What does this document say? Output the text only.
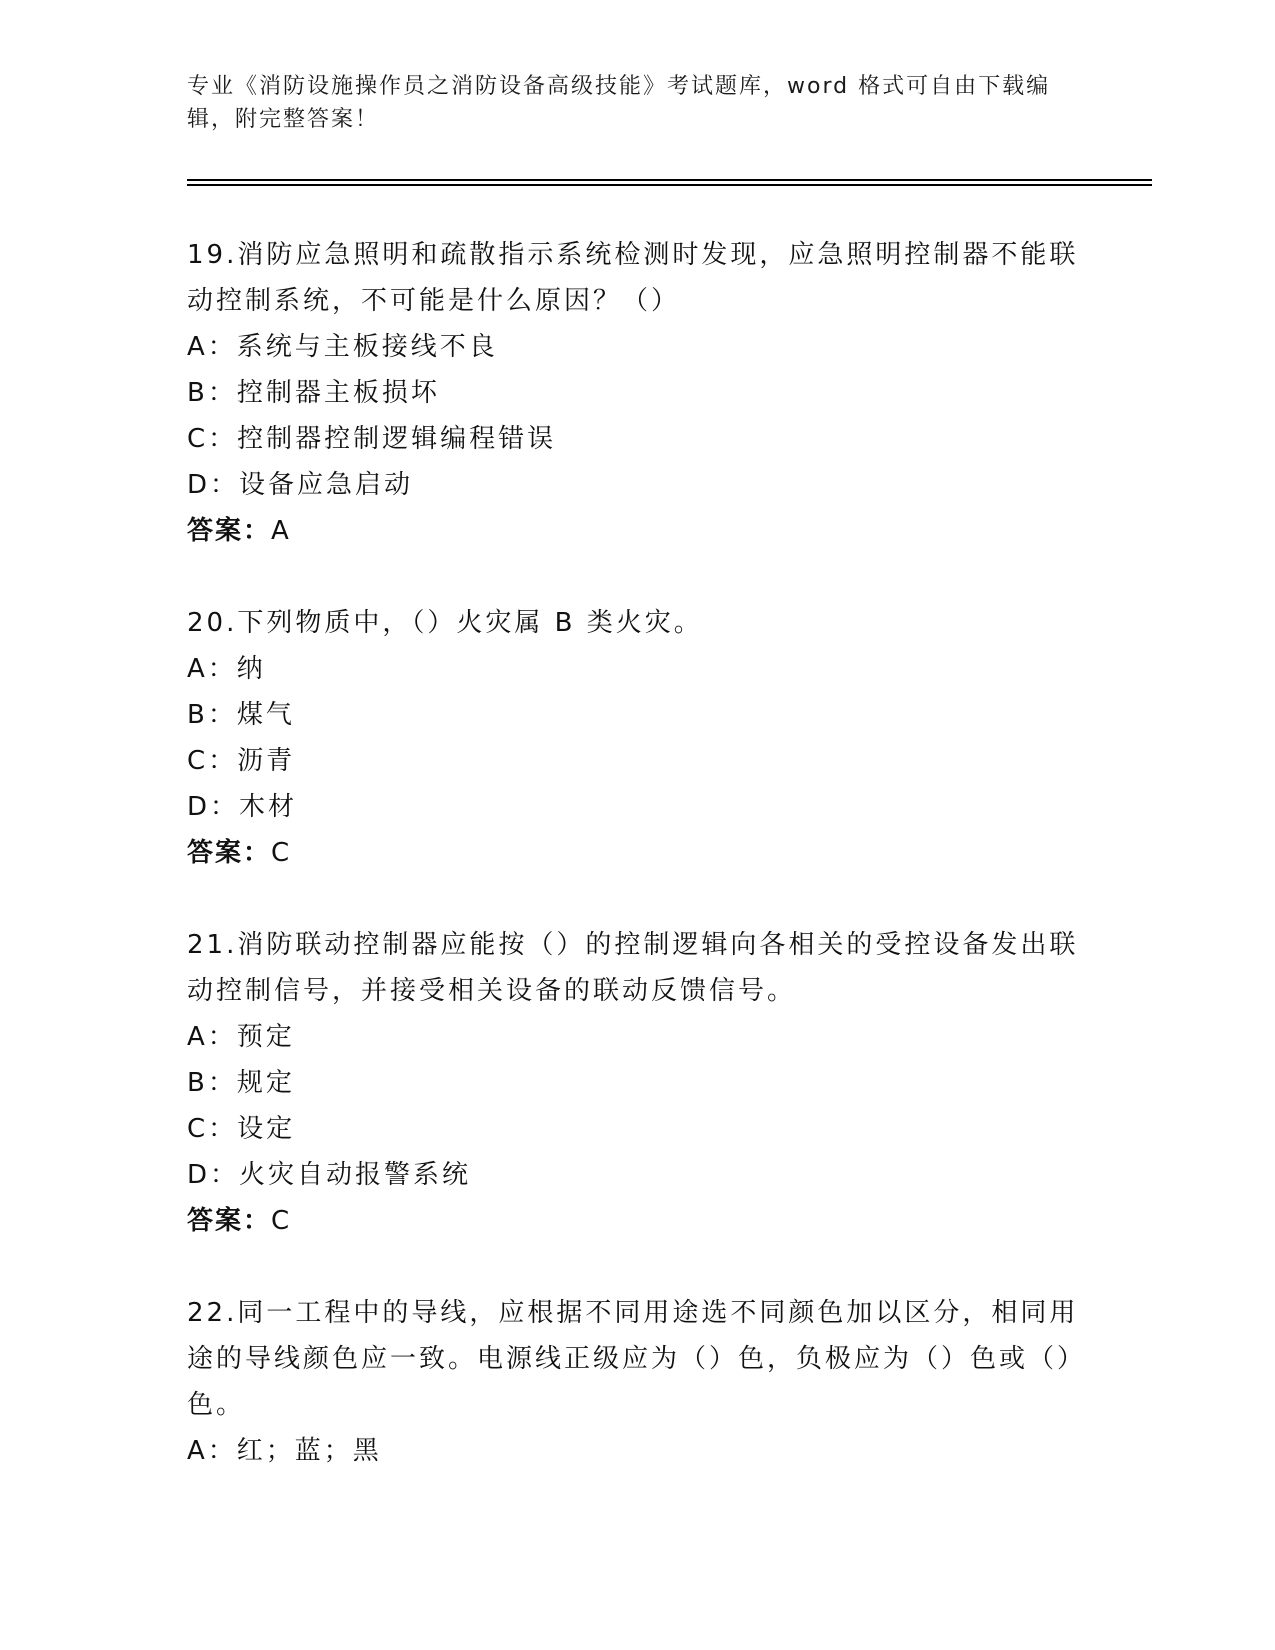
专业《消防设施操作员之消防设备高级技能》考试题库，word 格式可自由下载编
辑，附完整答案！

19.消防应急照明和疏散指示系统检测时发现，应急照明控制器不能联动控制系统，不可能是什么原因？（）

A：系统与主板接线不良

B：控制器主板损坏

C：控制器控制逻辑编程错误

D：设备应急启动

答案：A

20.下列物质中，（）火灾属 B 类火灾。

A：纳

B：煤气

C：沥青

D：木材

答案：C

21.消防联动控制器应能按（）的控制逻辑向各相关的受控设备发出联动控制信号，并接受相关设备的联动反馈信号。

A：预定

B：规定

C：设定

D：火灾自动报警系统

答案：C

22.同一工程中的导线，应根据不同用途选不同颜色加以区分，相同用途的导线颜色应一致。电源线正级应为（）色，负极应为（）色或（）色。

A：红；蓝；黑
